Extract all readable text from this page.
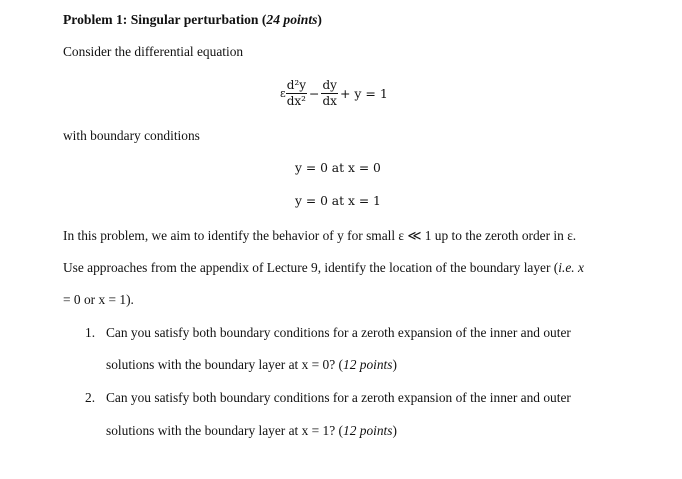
Problem 1: Singular perturbation (24 points)
Consider the differential equation
ε $\frac{\text{d²y}}{\text{dx²}} - \frac{dy}{dx} + y = 1$
with boundary conditions
y = 0 at x = 0
y = 0 at x = 1
In this problem, we aim to identify the behavior of y for small ε ≪ 1 up to the zeroth order in ε.
Use approaches from the appendix of Lecture 9, identify the location of the boundary layer (i.e. x
= 0 or x = 1).
1. Can you satisfy both boundary conditions for a zeroth expansion of the inner and outer
solutions with the boundary layer at x = 0? (12 points)
2. Can you satisfy both boundary conditions for a zeroth expansion of the inner and outer
solutions with the boundary layer at x = 1? (12 points)
